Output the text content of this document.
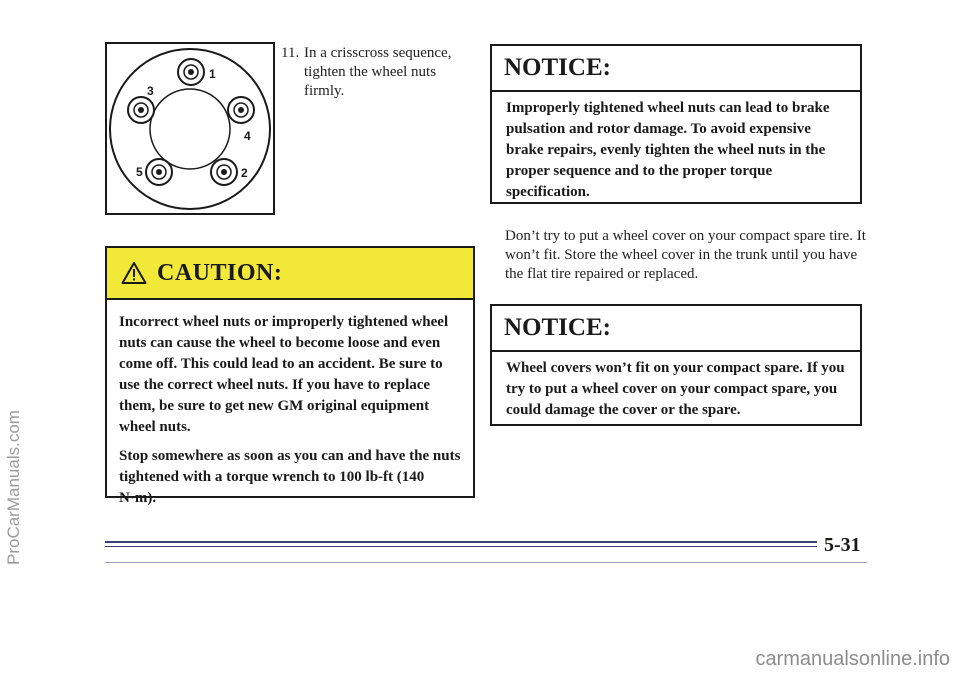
ProCarManuals.com
1
4
2
5
3
11. In a crisscross sequence, tighten the wheel nuts firmly.
CAUTION:

Incorrect wheel nuts or improperly tightened wheel nuts can cause the wheel to become loose and even come off. This could lead to an accident. Be sure to use the correct wheel nuts. If you have to replace them, be sure to get new GM original equipment wheel nuts.

Stop somewhere as soon as you can and have the nuts tightened with a torque wrench to 100 lb-ft (140 N·m).

NOTICE:
Improperly tightened wheel nuts can lead to brake pulsation and rotor damage. To avoid expensive brake repairs, evenly tighten the wheel nuts in the proper sequence and to the proper torque specification.
Don’t try to put a wheel cover on your compact spare tire. It won’t fit. Store the wheel cover in the trunk until you have the flat tire repaired or replaced.
NOTICE:
Wheel covers won’t fit on your compact spare. If you try to put a wheel cover on your compact spare, you could damage the cover or the spare.
5-31
carmanualsonline.info
